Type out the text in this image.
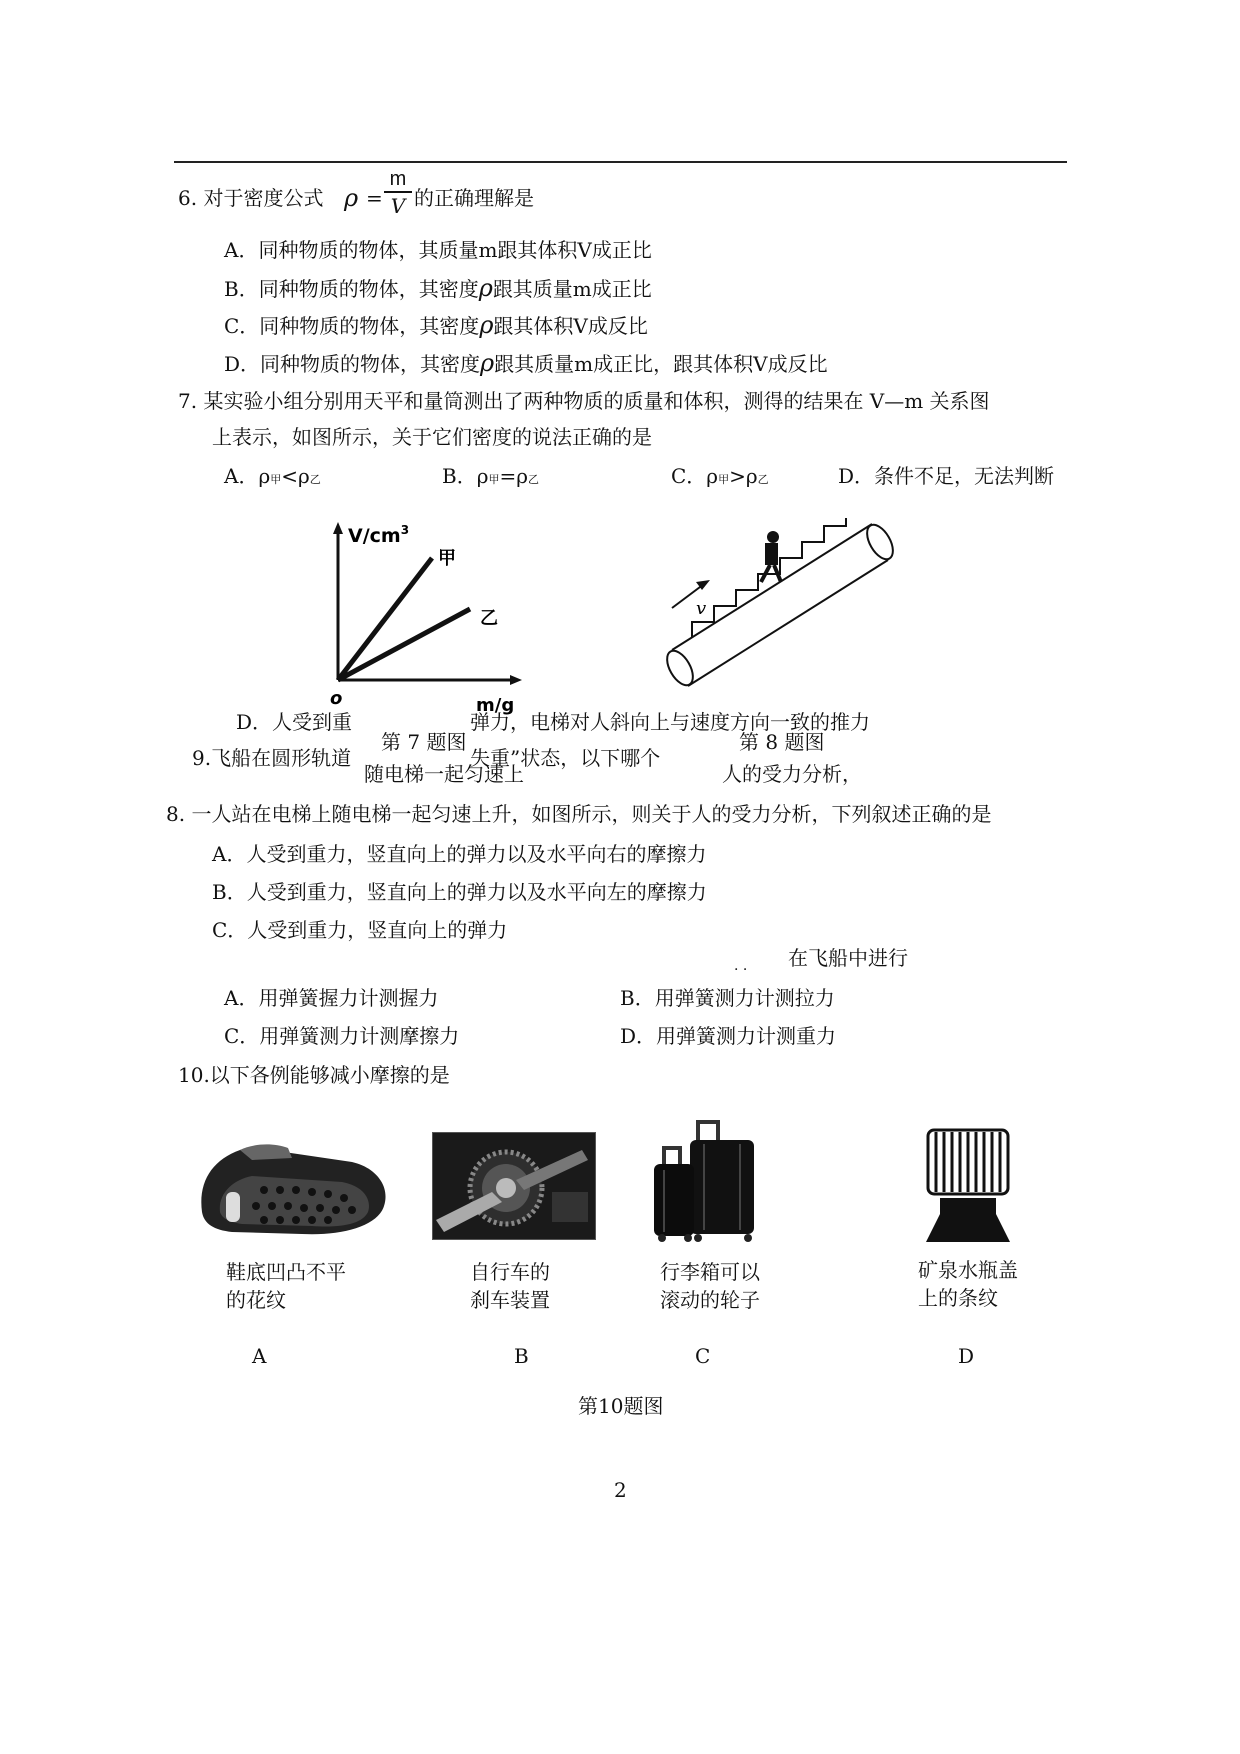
6. 对于密度公式 ρ =
m
V 的正确理解是
A．同种物质的物体，其质量m跟其体积V成正比
B．同种物质的物体，其密度ρ跟其质量m成正比
C．同种物质的物体，其密度ρ跟其体积V成反比
D．同种物质的物体，其密度ρ跟其质量m成正比，跟其体积V成反比
7. 某实验小组分别用天平和量筒测出了两种物质的质量和体积，测得的结果在 V—m 关系图
上表示，如图所示，关于它们密度的说法正确的是
A．ρ甲<ρ乙	B．ρ甲=ρ乙	C．ρ甲>ρ乙	D．条件不足，无法判断
$V/cm^3$
甲
乙
o	m/g
v
D．人受到重	弹力，电梯对人斜向上与速度方向一致的推力
第 7 题图	第 8 题图
9.飞船在圆形轨道	失重”状态，以下哪个
随电梯一起匀速上	人的受力分析，
8. 一人站在电梯上随电梯一起匀速上升，如图所示，则关于人的受力分析，下列叙述正确的是
A．人受到重力，竖直向上的弹力以及水平向右的摩擦力
B．人受到重力，竖直向上的弹力以及水平向左的摩擦力
C．人受到重力，竖直向上的弹力
· · 在飞船中进行
A．用弹簧握力计测握力	B．用弹簧测力计测拉力
C．用弹簧测力计测摩擦力	D．用弹簧测力计测重力
10.以下各例能够减小摩擦的是
鞋底凹凸不平
的花纹
自行车的
刹车装置
行李箱可以
滚动的轮子
矿泉水瓶盖
上的条纹
A	B	C	D
第10题图
2
